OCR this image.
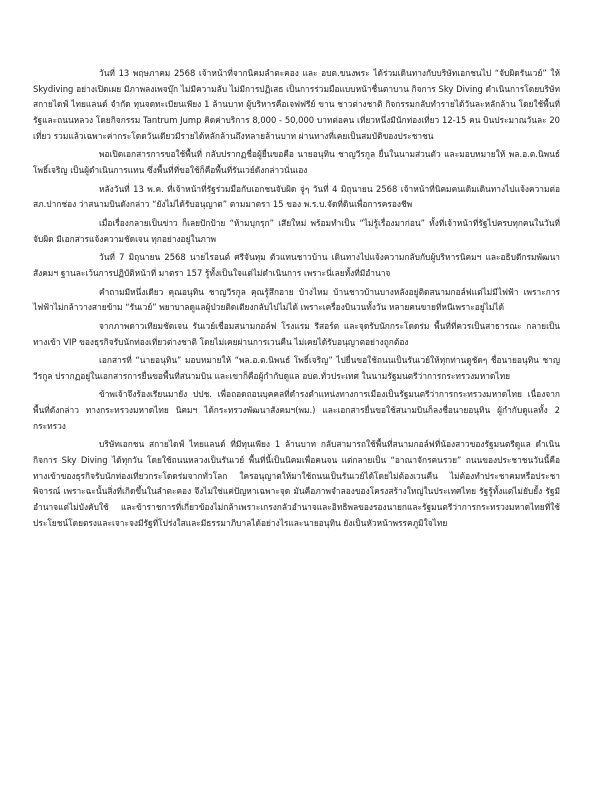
วันที่ 13 พฤษภาคม 2568 เจ้าหน้าที่จากนิคมลำตะคอง และ อบต.ขนงพระ ได้ร่วมเดินทางกับบริษัทเอกชนไป “จับผิดรันเวย์” ให้ Skydiving อย่างเปิดเผย มีภาพลงเพจบุ๊ก ไม่มีความลับ ไม่มีการปฏิเสธ เป็นการร่วมมือแบบหน้าชื่นตาบาน กิจการ Sky Diving ดำเนินการโดยบริษัท สกายไดฟ์ ไทยแลนด์ จำกัด ทุนจดทะเบียนเพียง 1 ล้านบาท ผู้บริหารคือเจฟฟรีย์ ขาน ชาวต่างชาติ กิจกรรมกลับทำรายได้วันละหลักล้าน โดยใช้พื้นที่รัฐและถนนหลวง โดยกิจกรรม Tantrum Jump คิดค่าบริการ 8,000 - 50,000 บาทต่อคน เที่ยวหนึ่งมีนักท่องเที่ยว 12-15 คน บินประมาณวันละ 20 เที่ยว รวมแล้วเฉพาะค่ากระโดดวันเดียวมีรายได้หลักล้านถึงหลายล้านบาท ผ่านทางที่เคยเป็นสมบัติของประชาชน

พอเปิดเอกสารการขอใช้พื้นที่ กลับปรากฏชื่อผู้ยื่นขอคือ นายอนุทิน ชาญวีรกูล ยื่นในนามส่วนตัว และมอบหมายให้ พล.อ.ต.นิพนธ์ โพธิ์เจริญ เป็นผู้ดำเนินการแทน ซึ่งพื้นที่ที่ขอใช้ก็คือพื้นที่รันเวย์ดังกล่าวนั่นเอง

หลังวันที่ 13 พ.ค. ที่เจ้าหน้าที่รัฐร่วมมือกับเอกชนจับผิด จู่ๆ วันที่ 4 มิถุนายน 2568 เจ้าหน้าที่นิคมคนเดิมเดินทางไปแจ้งความต่อ สภ.ปากช่อง ว่าสนามบินดังกล่าว “ยังไม่ได้รับอนุญาต” ตามมาตรา 15 ของ พ.ร.บ.จัดที่ดินเพื่อการครองชีพ

เมื่อเรื่องกลายเป็นข่าว ก็เลยปักป้าย “ห้ามบุกรุก” เสียใหม่ พร้อมทำเป็น “ไม่รู้เรื่องมาก่อน” ทั้งที่เจ้าหน้าที่รัฐไปครบทุกคนในวันที่จับผิด มีเอกสารแจ้งความชัดเจน ทุกอย่างอยู่ในภาพ

วันที่ 7 มิถุนายน 2568 นายไรอนต์ ศรีจันทุม ตัวแทนชาวบ้าน เดินทางไปแจ้งความกลับกับผู้บริหารนิคมฯ และอธิบดีกรมพัฒนาสังคมฯ ฐานละเว้นการปฏิบัติหน้าที่ มาตรา 157 รู้ทั้งเป็นใจแต่ไม่ดำเนินการ เพราะนี่เลยทั้งที่มีอำนาจ

คำถามมีหนึ่งเดียว คุณอนุทิน ชาญวีรกูล คุณรู้สึกอาย บ้างไหม บ้านชาวบ้านบางหลังอยู่ติดสนามกอล์ฟแต่ไม่มีไฟฟ้า เพราะการไฟฟ้าไม่กล้าวางสายข้าม “รันเวย์” พยาบาลดูแลผู้ป่วยติดเตียงกลับไปไม่ได้ เพราะเครื่องบินวนทั้งวัน หลายคนขายที่หนีเพราะอยู่ไม่ได้

จากภาพดาวเทียมชัดเจน รันเวย์เชื่อมสนามกอล์ฟ โรงแรม รีสอร์ต และจุดรับนักกระโดดร่ม พื้นที่ที่ควรเป็นสาธารณะ กลายเป็นทางเข้า VIP ของธุรกิจรับนักท่องเที่ยวต่างชาติ โดยไม่เคยผ่านการเวนคืน ไม่เคยได้รับอนุญาตอย่างถูกต้อง

เอกสารที่ “นายอนุทิน” มอบหมายให้ “พล.อ.ต.นิพนธ์ โพธิ์เจริญ” ไปยื่นขอใช้ถนนเป็นรันเวย์ให้ทุกท่านดูชัดๆ ชื่อนายอนุทิน ชาญวีรกูล ปรากฏอยู่ในเอกสารการยื่นขอพื้นที่สนามบิน และเขาก็คือผู้กำกับดูแล อบต.ทั่วประเทศ ในนามรัฐมนตรีว่าการกระทรวงมหาดไทย

ข้าพเจ้าจึงร้องเรียนมายัง ปปช. เพื่อถอดถอนบุคคลที่ดำรงตำแหน่งทางการเมืองเป็นรัฐมนตรีว่าการกระทรวงมหาดไทย เนื่องจากพื้นที่ดังกล่าว ทางกระทรวงมหาดไทย นิคมฯ ได้กระทรวงพัฒนาสังคมฯ(พม.) และเอกสารยื่นขอใช้สนามบินก็ลงชื่อนายอนุทิน ผู้กำกับดูแลทั้ง 2 กระทรวง

บริษัทเอกชน สกายไดฟ์ ไทยแลนด์ ที่มีทุนเพียง 1 ล้านบาท กลับสามารถใช้พื้นที่สนามกอล์ฟที่น้องสาวของรัฐมนตรีดูแล ดำเนินกิจการ Sky Diving ได้ทุกวัน โดยใช้ถนนหลวงเป็นรันเวย์ พื้นที่นี้เป็นนิคมเพื่อคนจน แต่กลายเป็น “อาณาจักรคนรวย” ถนนของประชาชนวันนี้คือทางเข้าของธุรกิจรับนักท่องเที่ยวกระโดดร่มจากทั่วโลก ใครอนุญาตให้มาใช้ถนนเป็นรันเวย์ได้โดยไม่ต้องเวนคืน ไม่ต้องทำประชาคมหรือประชาพิจารณ์ เพราะฉะนั้นสิ่งที่เกิดขึ้นในลำตะคอง จึงไม่ใช่แค่ปัญหาเฉพาะจุด มันคือภาพจำลองของโครงสร้างใหญ่ในประเทศไทย รัฐรู้ทั้งแต่ไม่ยับยั้ง รัฐมีอำนาจแต่ไม่บังคับใช้ และข้าราชการที่เกี่ยวข้องไม่กล้าเพราะเกรงกลัวอำนาจและอิทธิพลของรองนายกและรัฐมนตรีว่าการกระทรวงมหาดไทยที่ใช้ประโยชน์โดยตรงและเจาะจงมีรัฐที่โปร่งใสและมีธรรมาภิบาลได้อย่างไรและนายอนุทิน ยังเป็นหัวหน้าพรรคภูมิใจไทย
